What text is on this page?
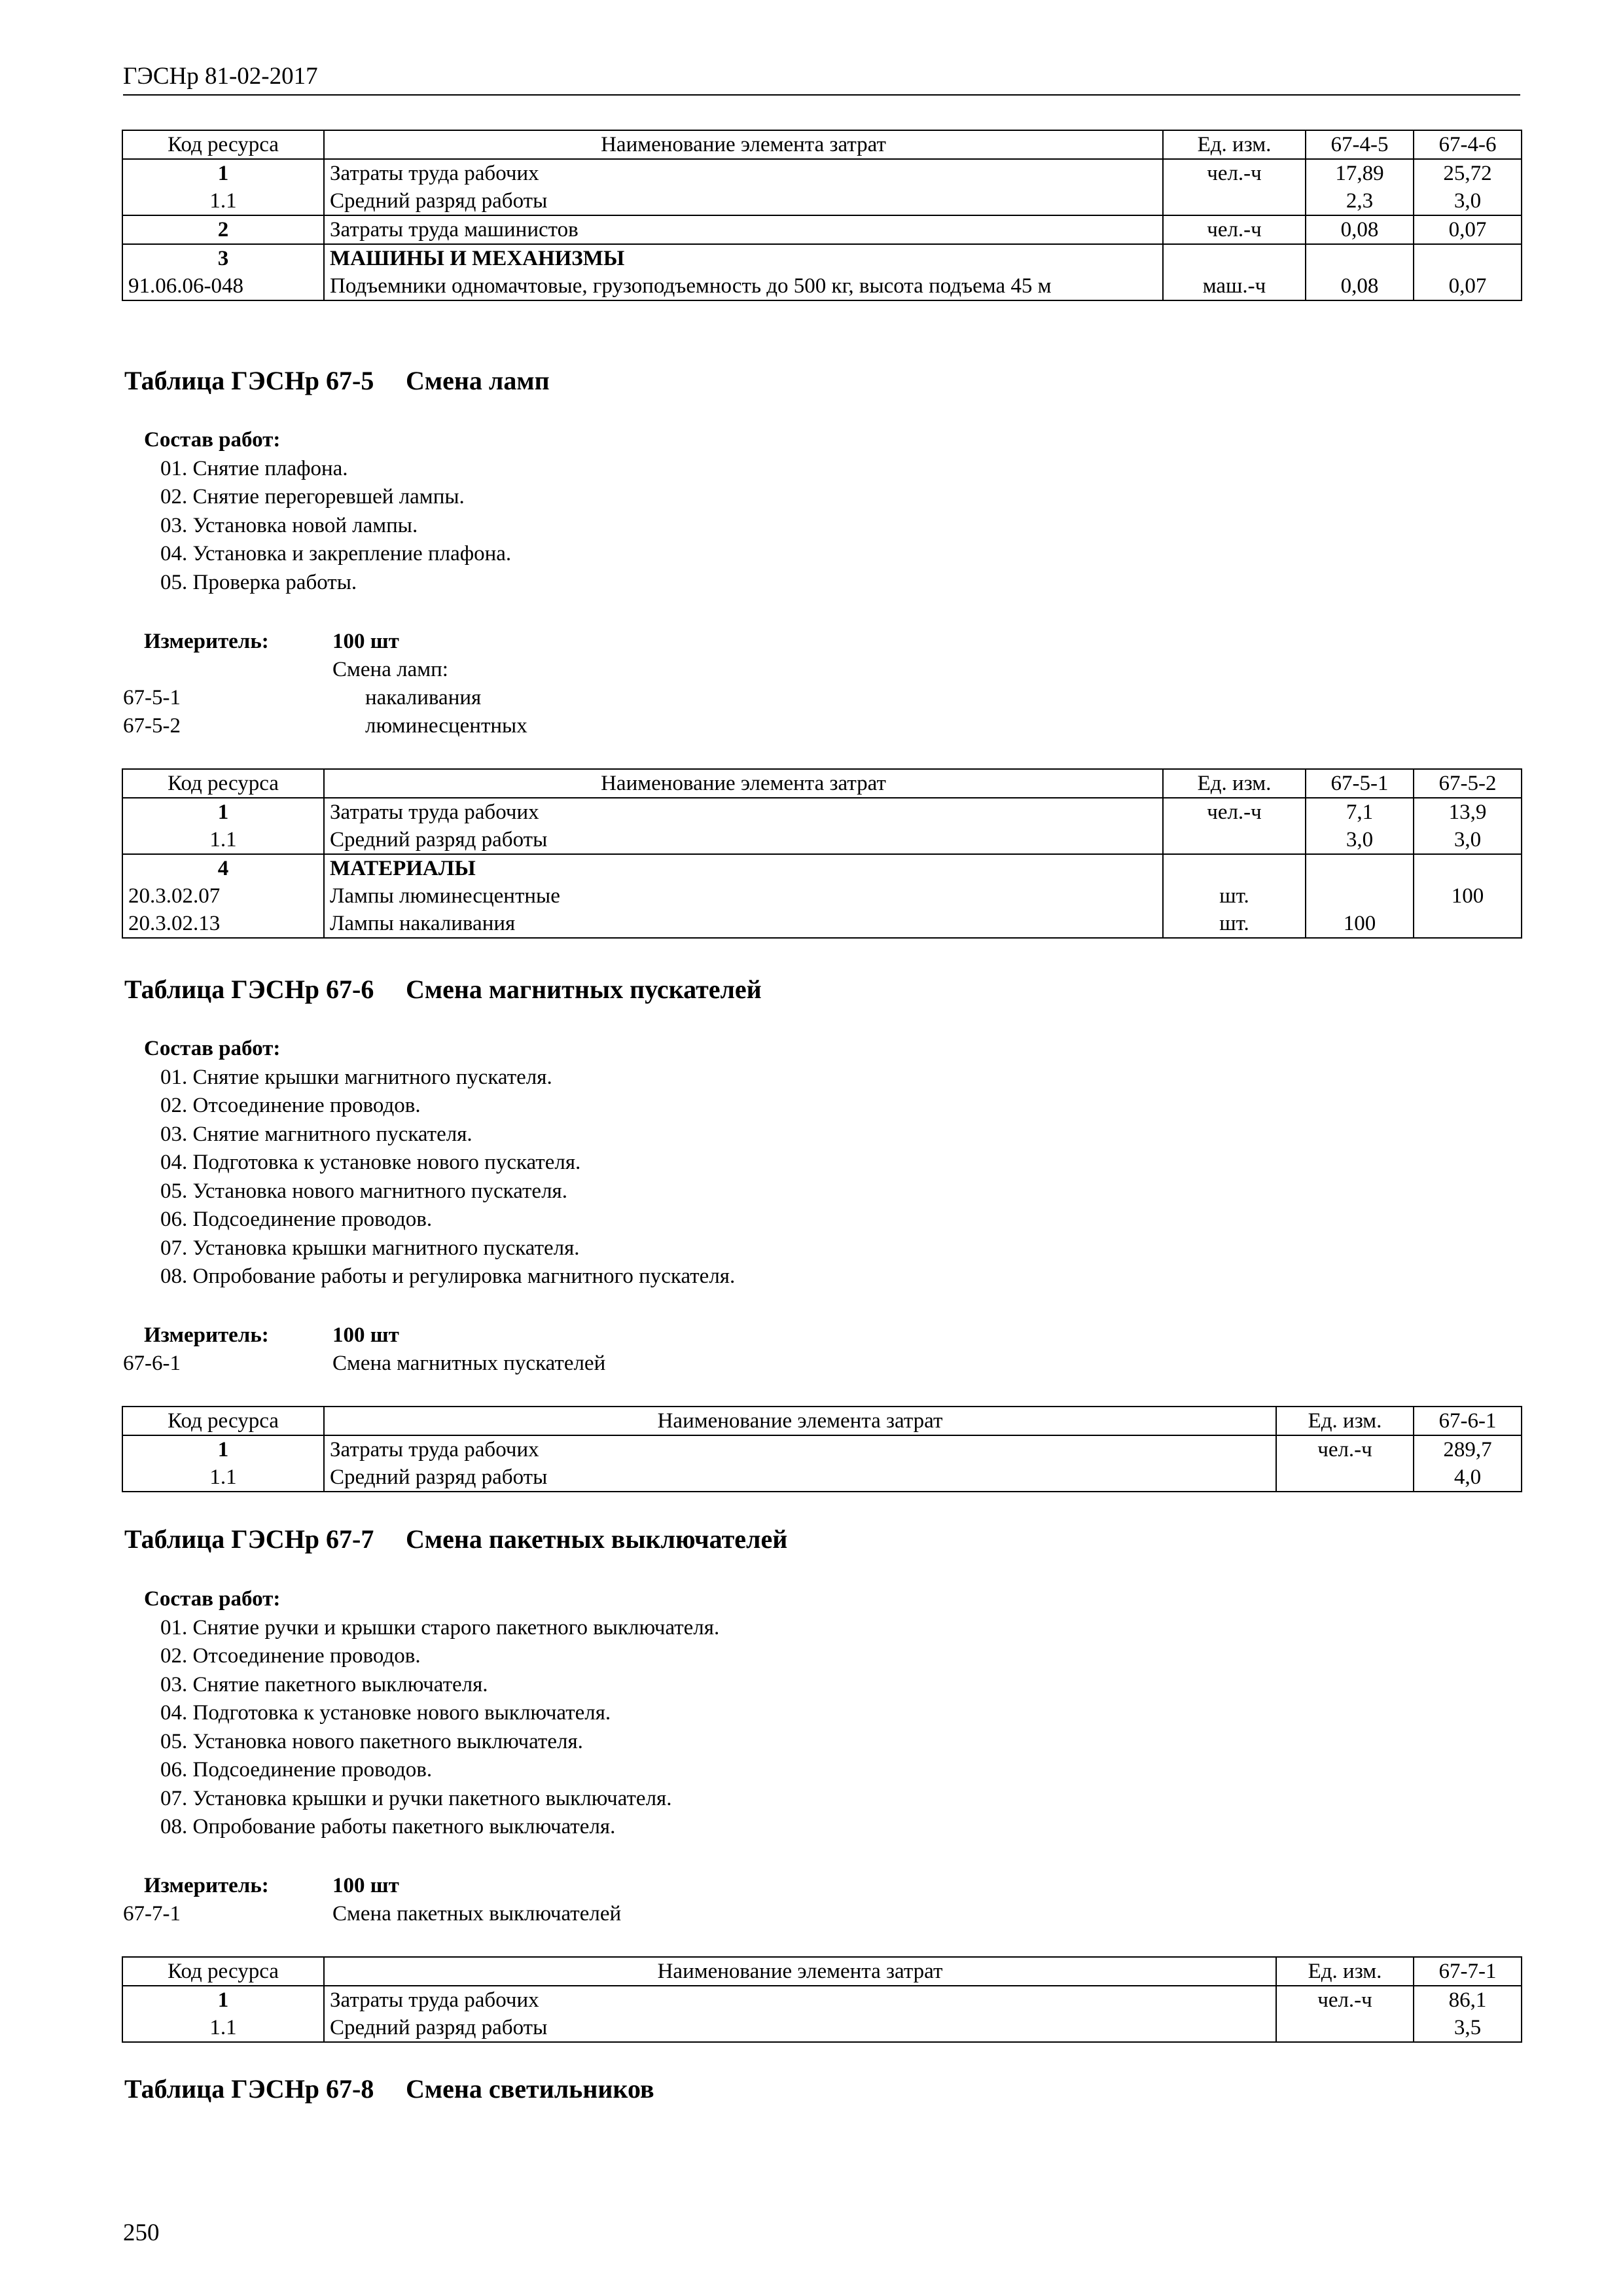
ГЭСНр 81-02-2017
Код ресурса	Наименование элемента затрат	Ед. изм.	67-4-5	67-4-6
1	Затраты труда рабочих	чел.-ч	17,89	25,72
1.1	Средний разряд работы		2,3	3,0
2	Затраты труда машинистов	чел.-ч	0,08	0,07
3	МАШИНЫ И МЕХАНИЗМЫ			
91.06.06-048	Подъемники одномачтовые, грузоподъемность до 500 кг, высота подъема 45 м	маш.-ч	0,08	0,07
Таблица ГЭСНр 67-5 Смена ламп
Состав работ:
01. Снятие плафона.
02. Снятие перегоревшей лампы.
03. Установка новой лампы.
04. Установка и закрепление плафона.
05. Проверка работы.
Измеритель:	100 шт
Смена ламп:
67-5-1	накаливания
67-5-2	люминесцентных
Код ресурса	Наименование элемента затрат	Ед. изм.	67-5-1	67-5-2
1	Затраты труда рабочих	чел.-ч	7,1	13,9
1.1	Средний разряд работы		3,0	3,0
4	МАТЕРИАЛЫ			
20.3.02.07	Лампы люминесцентные	шт.		100
20.3.02.13	Лампы накаливания	шт.	100	
Таблица ГЭСНр 67-6 Смена магнитных пускателей
Состав работ:
01. Снятие крышки магнитного пускателя.
02. Отсоединение проводов.
03. Снятие магнитного пускателя.
04. Подготовка к установке нового пускателя.
05. Установка нового магнитного пускателя.
06. Подсоединение проводов.
07. Установка крышки магнитного пускателя.
08. Опробование работы и регулировка магнитного пускателя.
Измеритель:	100 шт
67-6-1	Смена магнитных пускателей
Код ресурса	Наименование элемента затрат	Ед. изм.	67-6-1
1	Затраты труда рабочих	чел.-ч	289,7
1.1	Средний разряд работы		4,0
Таблица ГЭСНр 67-7 Смена пакетных выключателей
Состав работ:
01. Снятие ручки и крышки старого пакетного выключателя.
02. Отсоединение проводов.
03. Снятие пакетного выключателя.
04. Подготовка к установке нового выключателя.
05. Установка нового пакетного выключателя.
06. Подсоединение проводов.
07. Установка крышки и ручки пакетного выключателя.
08. Опробование работы пакетного выключателя.
Измеритель:	100 шт
67-7-1	Смена пакетных выключателей
Код ресурса	Наименование элемента затрат	Ед. изм.	67-7-1
1	Затраты труда рабочих	чел.-ч	86,1
1.1	Средний разряд работы		3,5
Таблица ГЭСНр 67-8 Смена светильников
250
